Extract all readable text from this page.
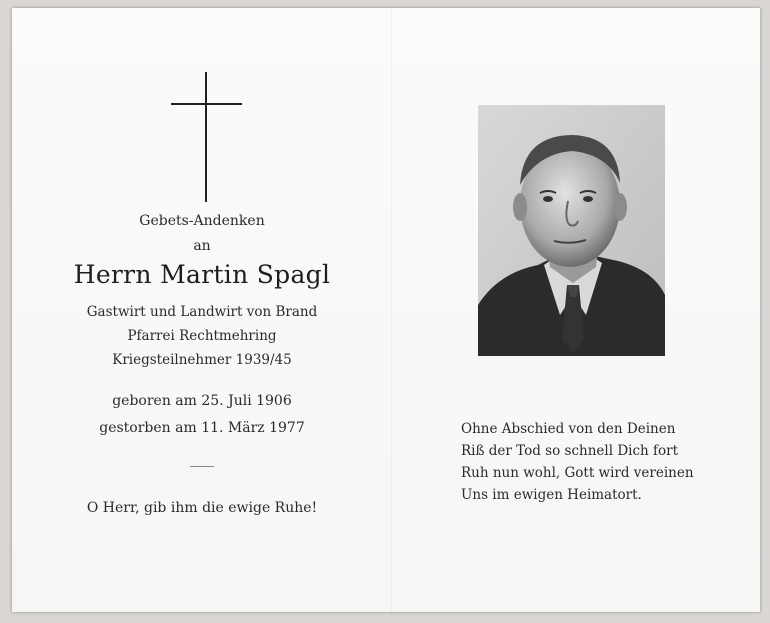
Gebets-Andenken
an
Herrn Martin Spagl
Gastwirt und Landwirt von Brand
Pfarrei Rechtmehring
Kriegsteilnehmer 1939/45
geboren am 25. Juli 1906
gestorben am 11. März 1977
O Herr, gib ihm die ewige Ruhe!
Ohne Abschied von den Deinen
Riß der Tod so schnell Dich fort
Ruh nun wohl, Gott wird vereinen
Uns im ewigen Heimatort.
